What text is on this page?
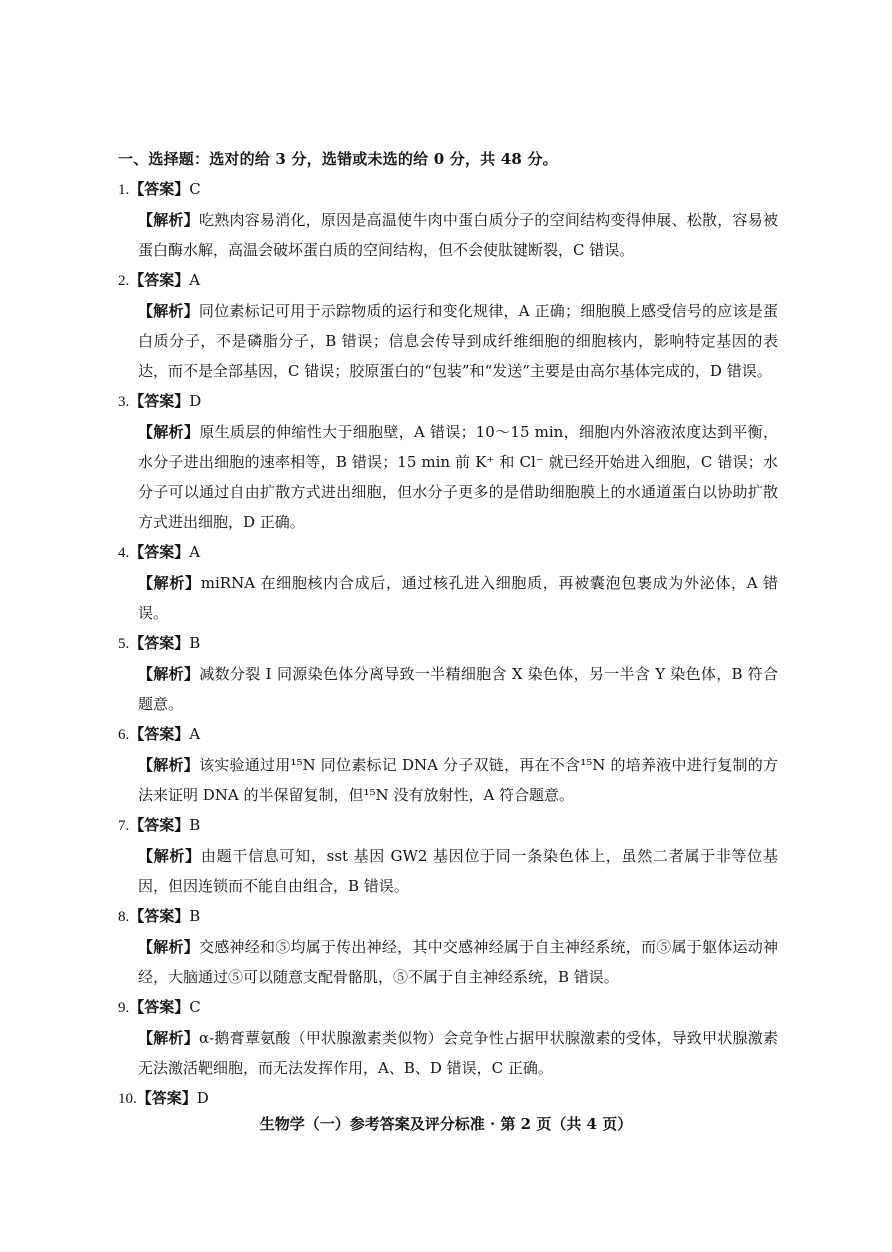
一、选择题：选对的给 3 分，选错或未选的给 0 分，共 48 分。

1.【答案】C

【解析】吃熟肉容易消化，原因是高温使牛肉中蛋白质分子的空间结构变得伸展、松散，容易被蛋白酶水解，高温会破坏蛋白质的空间结构，但不会使肽键断裂，C 错误。

2.【答案】A

【解析】同位素标记可用于示踪物质的运行和变化规律，A 正确；细胞膜上感受信号的应该是蛋白质分子，不是磷脂分子，B 错误；信息会传导到成纤维细胞的细胞核内，影响特定基因的表达，而不是全部基因，C 错误；胶原蛋白的“包装”和“发送”主要是由高尔基体完成的，D 错误。

3.【答案】D

【解析】原生质层的伸缩性大于细胞壁，A 错误；10～15 min，细胞内外溶液浓度达到平衡，水分子进出细胞的速率相等，B 错误；15 min 前 K⁺ 和 Cl⁻ 就已经开始进入细胞，C 错误；水分子可以通过自由扩散方式进出细胞，但水分子更多的是借助细胞膜上的水通道蛋白以协助扩散方式进出细胞，D 正确。

4.【答案】A

【解析】miRNA 在细胞核内合成后，通过核孔进入细胞质，再被囊泡包裹成为外泌体，A 错误。

5.【答案】B

【解析】减数分裂 Ⅰ 同源染色体分离导致一半精细胞含 X 染色体，另一半含 Y 染色体，B 符合题意。

6.【答案】A

【解析】该实验通过用¹⁵N 同位素标记 DNA 分子双链，再在不含¹⁵N 的培养液中进行复制的方法来证明 DNA 的半保留复制，但¹⁵N 没有放射性，A 符合题意。

7.【答案】B

【解析】由题干信息可知，sst 基因 GW2 基因位于同一条染色体上，虽然二者属于非等位基因，但因连锁而不能自由组合，B 错误。

8.【答案】B

【解析】交感神经和⑤均属于传出神经，其中交感神经属于自主神经系统，而⑤属于躯体运动神经，大脑通过⑤可以随意支配骨骼肌，⑤不属于自主神经系统，B 错误。

9.【答案】C

【解析】α-鹅膏蕈氨酸（甲状腺激素类似物）会竞争性占据甲状腺激素的受体，导致甲状腺激素无法激活靶细胞，而无法发挥作用，A、B、D 错误，C 正确。

10.【答案】D

生物学（一）参考答案及评分标准 · 第 2 页（共 4 页）
